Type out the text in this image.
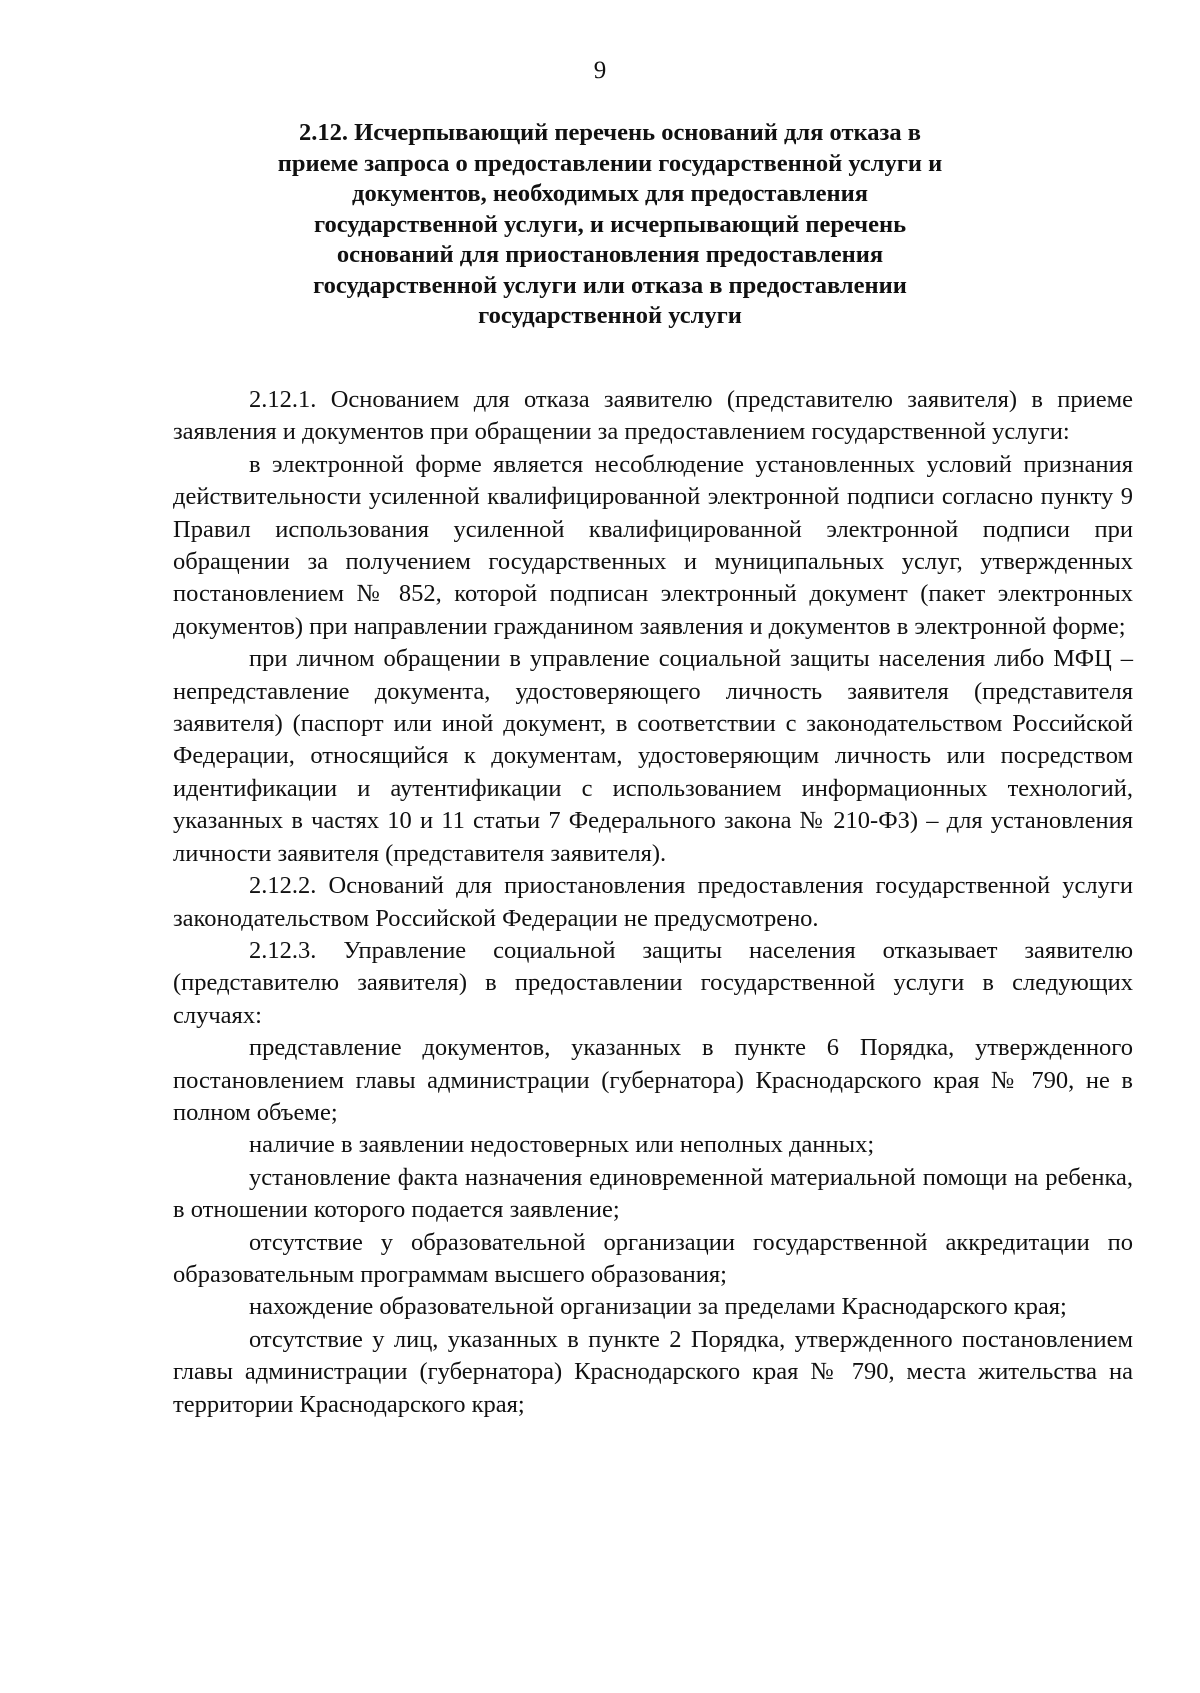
9
2.12. Исчерпывающий перечень оснований для отказа в приеме запроса о предоставлении государственной услуги и документов, необходимых для предоставления государственной услуги, и исчерпывающий перечень оснований для приостановления предоставления государственной услуги или отказа в предоставлении государственной услуги

2.12.1. Основанием для отказа заявителю (представителю заявителя) в приеме заявления и документов при обращении за предоставлением государственной услуги:

в электронной форме является несоблюдение установленных условий признания действительности усиленной квалифицированной электронной подписи согласно пункту 9 Правил использования усиленной квалифицированной электронной подписи при обращении за получением государственных и муниципальных услуг, утвержденных постановлением № 852, которой подписан электронный документ (пакет электронных документов) при направлении гражданином заявления и документов в электронной форме;

при личном обращении в управление социальной защиты населения либо МФЦ – непредставление документа, удостоверяющего личность заявителя (представителя заявителя) (паспорт или иной документ, в соответствии с законодательством Российской Федерации, относящийся к документам, удостоверяющим личность или посредством идентификации и аутентификации с использованием информационных технологий, указанных в частях 10 и 11 статьи 7 Федерального закона № 210-ФЗ) – для установления личности заявителя (представителя заявителя).

2.12.2. Оснований для приостановления предоставления государственной услуги законодательством Российской Федерации не предусмотрено.

2.12.3. Управление социальной защиты населения отказывает заявителю (представителю заявителя) в предоставлении государственной услуги в следующих случаях:

представление документов, указанных в пункте 6 Порядка, утвержденного постановлением главы администрации (губернатора) Краснодарского края № 790, не в полном объеме;

наличие в заявлении недостоверных или неполных данных;

установление факта назначения единовременной материальной помощи на ребенка, в отношении которого подается заявление;

отсутствие у образовательной организации государственной аккредитации по образовательным программам высшего образования;

нахождение образовательной организации за пределами Краснодарского края;

отсутствие у лиц, указанных в пункте 2 Порядка, утвержденного постановлением главы администрации (губернатора) Краснодарского края № 790, места жительства на территории Краснодарского края;
